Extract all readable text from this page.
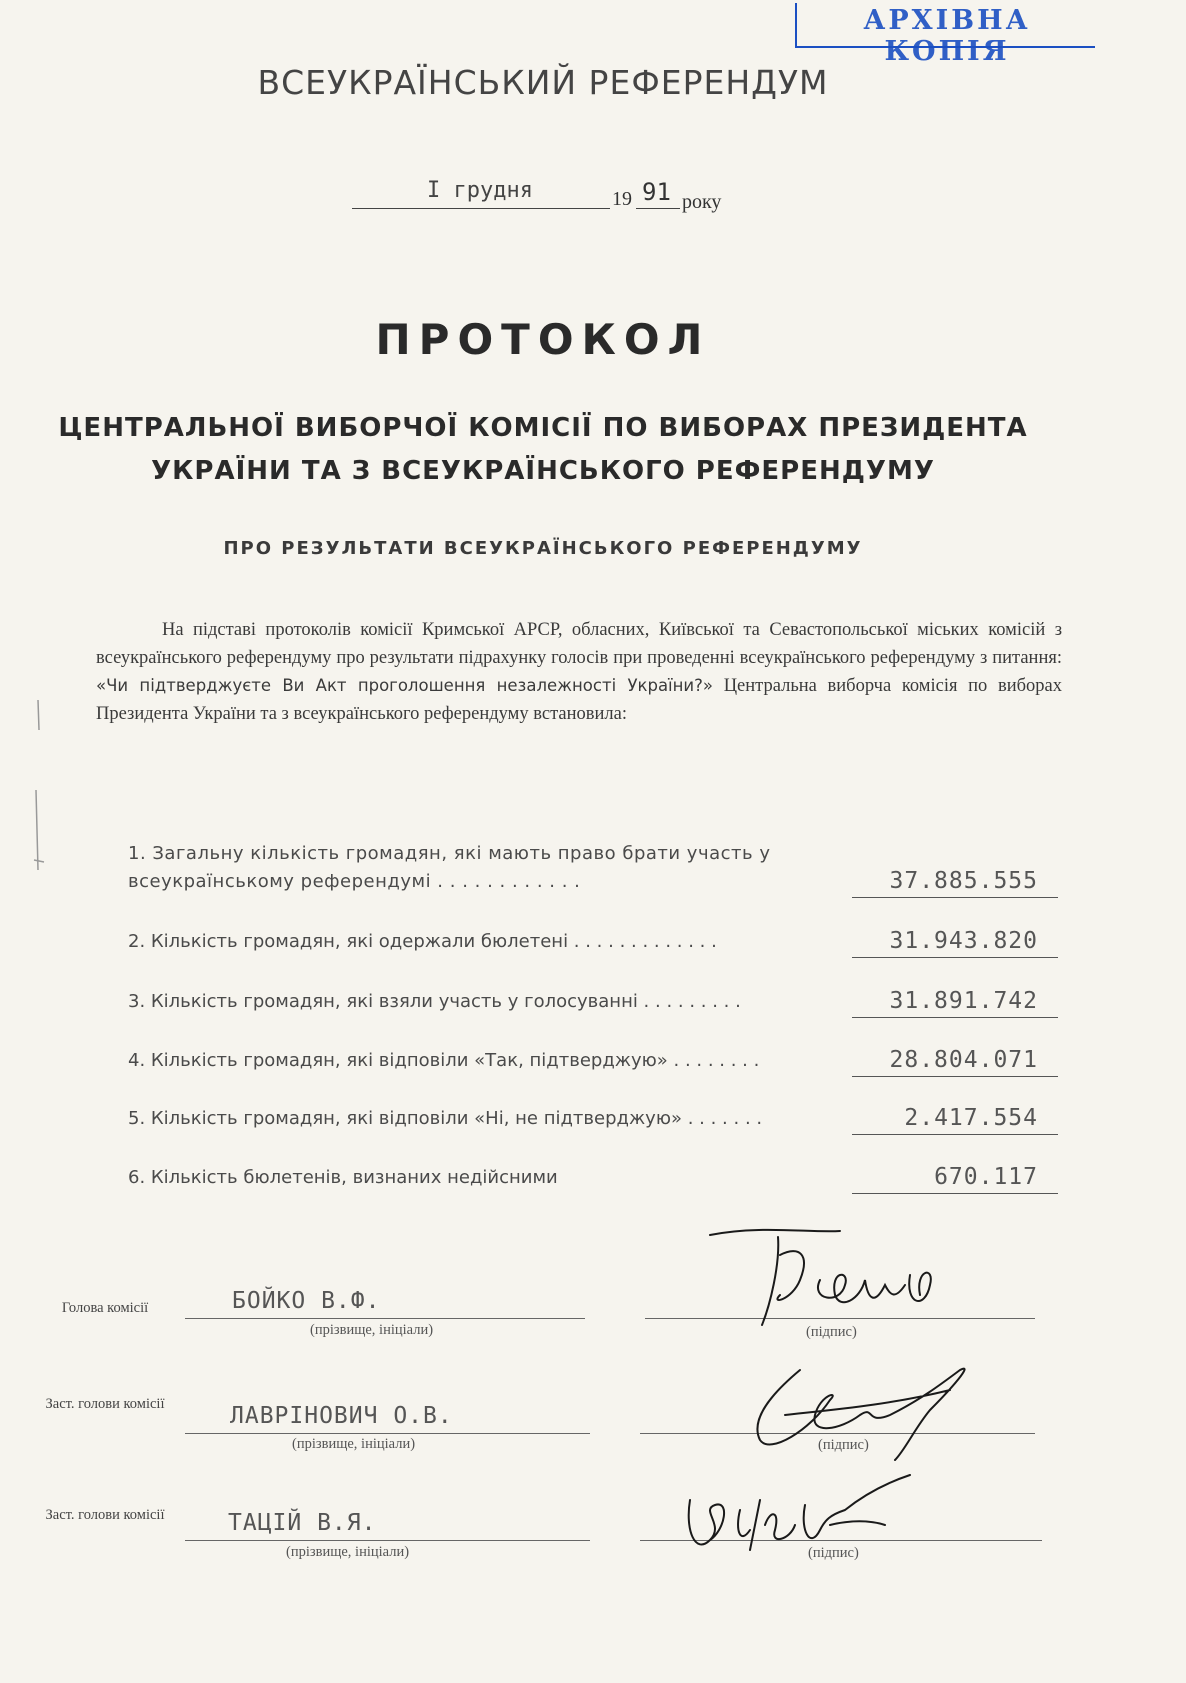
АРХІВНА КОПІЯ
ВСЕУКРАЇНСЬКИЙ РЕФЕРЕНДУМ
I грудня	19 91 року
ПРОТОКОЛ
ЦЕНТРАЛЬНОЇ ВИБОРЧОЇ КОМІСІЇ ПО ВИБОРАХ ПРЕЗИДЕНТА
УКРАЇНИ ТА З ВСЕУКРАЇНСЬКОГО РЕФЕРЕНДУМУ
ПРО РЕЗУЛЬТАТИ ВСЕУКРАЇНСЬКОГО РЕФЕРЕНДУМУ
На підставі протоколів комісії Кримської АРСР, обласних, Київської та Севастопольської міських комісій з всеукраїнського референдуму про результати підрахунку голосів при проведенні всеукраїнського референдуму з питання: «Чи підтверджуєте Ви Акт проголошення незалежності України?» Центральна виборча комісія по виборах Президента України та з всеукраїнського референдуму встановила:
1. Загальну кількість громадян, які мають право брати участь у всеукраїнському референдумі . . . . . . . . . . . .	37.885.555
2. Кількість громадян, які одержали бюлетені . . . . . . . . . . . . .	31.943.820
3. Кількість громадян, які взяли участь у голосуванні . . . . . . . . .	31.891.742
4. Кількість громадян, які відповіли «Так, підтверджую» . . . . . . . .	28.804.071
5. Кількість громадян, які відповіли «Ні, не підтверджую» . . . . . . .	2.417.554
6. Кількість бюлетенів, визнаних недійсними	670.117
Голова комісії	БОЙКО В.Ф.
(прізвище, ініціали)	(підпис)
Заст. голови комісії	ЛАВРІНОВИЧ О.В.
(прізвище, ініціали)	(підпис)
Заст. голови комісії	ТАЦІЙ В.Я.
(прізвище, ініціали)	(підпис)
